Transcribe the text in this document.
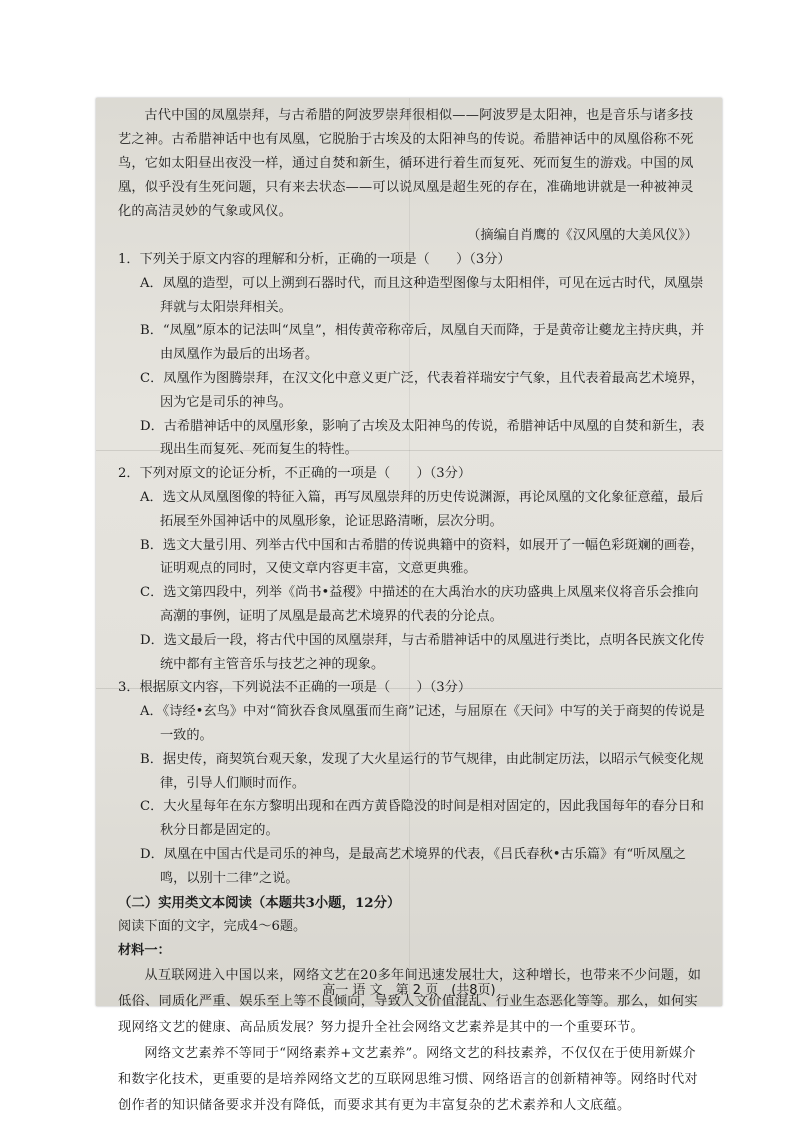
古代中国的凤凰崇拜，与古希腊的阿波罗崇拜很相似——阿波罗是太阳神，也是音乐与诸多技艺之神。古希腊神话中也有凤凰，它脱胎于古埃及的太阳神鸟的传说。希腊神话中的凤凰俗称不死鸟，它如太阳昼出夜没一样，通过自焚和新生，循环进行着生而复死、死而复生的游戏。中国的凤凰，似乎没有生死问题，只有来去状态——可以说凤凰是超生死的存在，准确地讲就是一种被神灵化的高洁灵妙的气象或风仪。

（摘编自肖鹰的《汉风凰的大美风仪》）

1．下列关于原文内容的理解和分析，正确的一项是（　　）（3分）

A．凤凰的造型，可以上溯到石器时代，而且这种造型图像与太阳相伴，可见在远古时代，凤凰崇拜就与太阳崇拜相关。

B．“凤凰”原本的记法叫“凤皇”，相传黄帝称帝后，凤凰自天而降，于是黄帝让夔龙主持庆典，并由凤凰作为最后的出场者。

C．凤凰作为图腾崇拜，在汉文化中意义更广泛，代表着祥瑞安宁气象，且代表着最高艺术境界，因为它是司乐的神鸟。

D．古希腊神话中的凤凰形象，影响了古埃及太阳神鸟的传说，希腊神话中凤凰的自焚和新生，表现出生而复死、死而复生的特性。

2．下列对原文的论证分析，不正确的一项是（　　）（3分）

A．选文从凤凰图像的特征入篇，再写凤凰崇拜的历史传说渊源，再论凤凰的文化象征意蕴，最后拓展至外国神话中的凤凰形象，论证思路清晰，层次分明。

B．选文大量引用、列举古代中国和古希腊的传说典籍中的资料，如展开了一幅色彩斑斓的画卷，证明观点的同时，又使文章内容更丰富，文意更典雅。

C．选文第四段中，列举《尚书•益稷》中描述的在大禹治水的庆功盛典上凤凰来仪将音乐会推向高潮的事例，证明了凤凰是最高艺术境界的代表的分论点。

D．选文最后一段，将古代中国的凤凰崇拜，与古希腊神话中的凤凰进行类比，点明各民族文化传统中都有主管音乐与技艺之神的现象。

3．根据原文内容，下列说法不正确的一项是（　　）（3分）

A．《诗经•玄鸟》中对“简狄吞食凤凰蛋而生商”记述，与屈原在《天问》中写的关于商契的传说是一致的。

B．据史传，商契筑台观天象，发现了大火星运行的节气规律，由此制定历法，以昭示气候变化规律，引导人们顺时而作。

C．大火星每年在东方黎明出现和在西方黄昏隐没的时间是相对固定的，因此我国每年的春分日和秋分日都是固定的。

D．凤凰在中国古代是司乐的神鸟，是最高艺术境界的代表，《吕氏春秋•古乐篇》有“听凤凰之鸣，以别十二律”之说。

（二）实用类文本阅读（本题共3小题，12分）

阅读下面的文字，完成4～6题。

材料一：

从互联网进入中国以来，网络文艺在20多年间迅速发展壮大，这种增长，也带来不少问题，如低俗、同质化严重、娱乐至上等不良倾向，导致人文价值混乱、行业生态恶化等等。那么，如何实现网络文艺的健康、高品质发展？努力提升全社会网络文艺素养是其中的一个重要环节。

网络文艺素养不等同于“网络素养+文艺素养”。网络文艺的科技素养，不仅仅在于使用新媒介和数字化技术，更重要的是培养网络文艺的互联网思维习惯、网络语言的创新精神等。网络时代对创作者的知识储备要求并没有降低，而要求其有更为丰富复杂的艺术素养和人文底蕴。

高一 语 文　第 2 页　(共8页)
